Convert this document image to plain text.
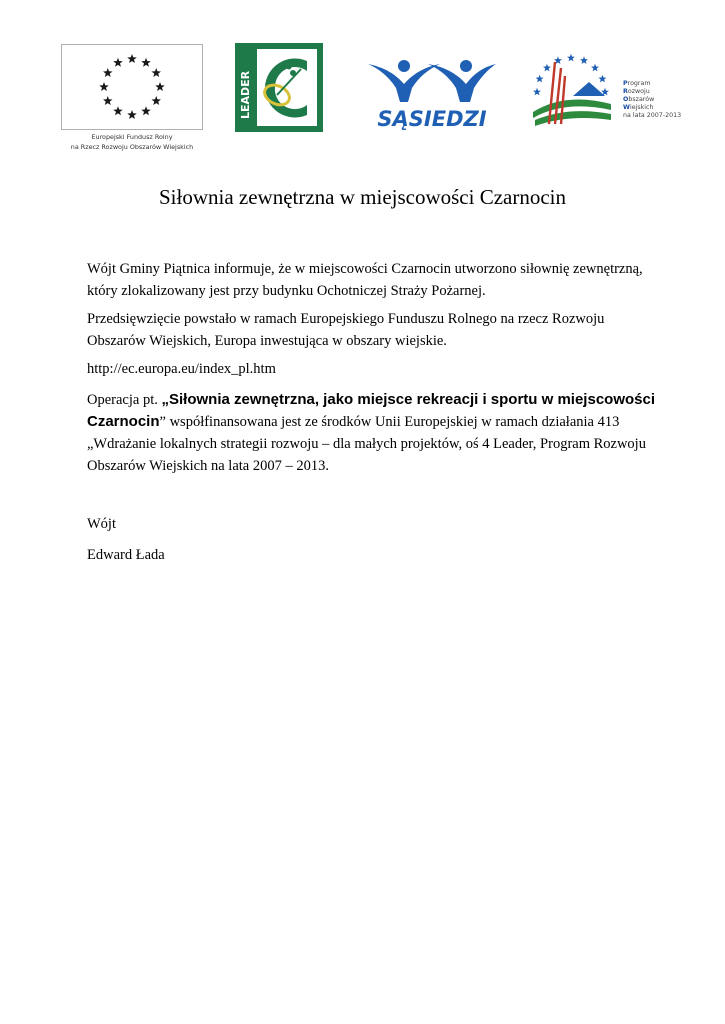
Europejski Fundusz Rolny
na Rzecz Rozwoju Obszarów Wiejskich
LEADER	SĄSIEDZI
Program
Rozwoju
Obszarów
Wiejskich
na lata 2007-2013
Siłownia zewnętrzna w miejscowości Czarnocin

Wójt Gminy Piątnica informuje, że w miejscowości Czarnocin utworzono siłownię zewnętrzną, który zlokalizowany jest przy budynku Ochotniczej Straży Pożarnej.

Przedsięwzięcie powstało w ramach Europejskiego Funduszu Rolnego na rzecz Rozwoju Obszarów Wiejskich, Europa inwestująca w obszary wiejskie.

http://ec.europa.eu/index_pl.htm

Operacja pt. „Siłownia zewnętrzna, jako miejsce rekreacji i sportu w miejscowości Czarnocin” współfinansowana jest ze środków Unii Europejskiej w ramach działania 413 „Wdrażanie lokalnych strategii rozwoju – dla małych projektów, oś 4 Leader, Program Rozwoju Obszarów Wiejskich na lata 2007 – 2013.

Wójt

Edward Łada
